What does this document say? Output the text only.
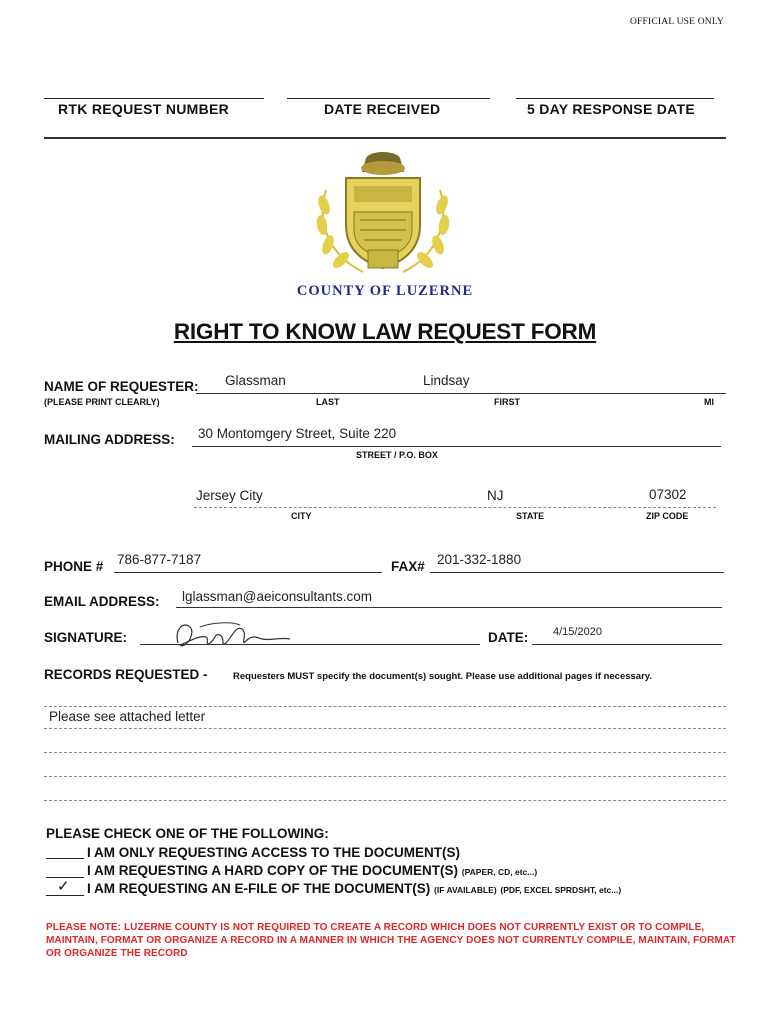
OFFICIAL USE ONLY
RTK REQUEST NUMBER	DATE RECEIVED	5 DAY RESPONSE DATE
COUNTY OF LUZERNE
RIGHT TO KNOW LAW REQUEST FORM
NAME OF REQUESTER: Glassman	Lindsay
(PLEASE PRINT CLEARLY)	LAST	FIRST	MI
MAILING ADDRESS: 30 Montomgery Street, Suite 220
STREET / P.O. BOX
Jersey City	NJ	07302
CITY	STATE	ZIP CODE
PHONE # 786-877-7187	FAX# 201-332-1880
EMAIL ADDRESS: lglassman@aeiconsultants.com
SIGNATURE:	DATE: 4/15/2020
RECORDS REQUESTED -	Requesters MUST specify the document(s) sought. Please use additional pages if necessary.
Please see attached letter
PLEASE CHECK ONE OF THE FOLLOWING:
I AM ONLY REQUESTING ACCESS TO THE DOCUMENT(S)
I AM REQUESTING A HARD COPY OF THE DOCUMENT(S) (PAPER, CD, etc...)
✓ I AM REQUESTING AN E-FILE OF THE DOCUMENT(S) (IF AVAILABLE) (PDF, EXCEL SPRDSHT, etc...)
PLEASE NOTE: LUZERNE COUNTY IS NOT REQUIRED TO CREATE A RECORD WHICH DOES NOT CURRENTLY EXIST OR TO COMPILE, MAINTAIN, FORMAT OR ORGANIZE A RECORD IN A MANNER IN WHICH THE AGENCY DOES NOT CURRENTLY COMPILE, MAINTAIN, FORMAT OR ORGANIZE THE RECORD
